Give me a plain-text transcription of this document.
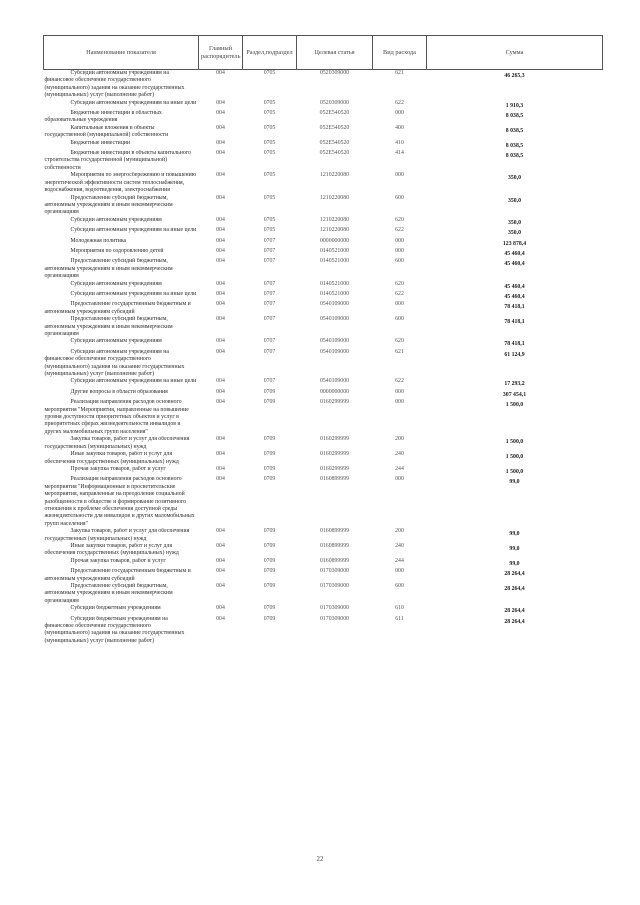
Наименование показателя	Главный распорядитель	Раздел,подраздел	Целевая статья	Вид расхода	Сумма
Субсидии автономным учреждениям на финансовое обеспечение государственного (муниципального) задания на оказание государственных (муниципальных) услуг (выполнение работ)	004	0705	0520309000	621	46 265,3
Субсидии автономным учреждениям на иные цели	004	0705	0520309000	622	1 910,3
Бюджетные инвестиции в областных образовательные учреждения	004	0705	052E540520	000	8 038,5
Капитальные вложения в объекты государственной (муниципальной) собственности	004	0705	052E540520	400	8 038,5
Бюджетные инвестиции	004	0705	052E540520	410	8 038,5
Бюджетные инвестиции в объекты капитального строительства государственной (муниципальной) собственности	004	0705	052E540520	414	8 038,5
Мероприятия по энергосбережению и повышению энергетической эффективности систем теплоснабжения, водоснабжения, водоотведения, электроснабжения	004	0705	1210220080	000	350,0
Предоставление субсидий бюджетным, автономным учреждениям и иным некоммерческим организациям	004	0705	1210220080	600	350,0
Субсидии автономным учреждениям	004	0705	1210220080	620	350,0
Субсидии автономным учреждениям на иные цели	004	0705	1210220080	622	350,0
Молодежная политика	004	0707	0000000000	000	123 878,4
Мероприятия по оздоровлению детей	004	0707	0140521000	000	45 460,4
Предоставление субсидий бюджетным, автономным учреждениям и иным некоммерческим организациям	004	0707	0140521000	600	45 460,4
Субсидии автономным учреждениям	004	0707	0140521000	620	45 460,4
Субсидии автономным учреждениям на иные цели	004	0707	0140521000	622	45 460,4
Предоставление государственным бюджетным и автономным учреждениям субсидий	004	0707	0540109000	000	78 418,1
Предоставление субсидий бюджетным, автономным учреждениям и иным некоммерческим организациям	004	0707	0540109000	600	78 418,1
Субсидии автономным учреждениям	004	0707	0540109000	620	78 418,1
Субсидии автономным учреждениям на финансовое обеспечение государственного (муниципального) задания на оказание государственных (муниципальных) услуг (выполнение работ)	004	0707	0540109000	621	61 124,9
Субсидии автономным учреждениям на иные цели	004	0707	0540109000	622	17 293,2
Другие вопросы в области образования	004	0709	0000000000	000	307 454,1
Реализация направления расходов основного мероприятия "Мероприятия, направленные на повышение уровня доступности приоритетных объектов и услуг в приоритетных сферах жизнедеятельности инвалидов и других маломобильных групп населения"	004	0709	0160299999	000	1 500,0
Закупка товаров, работ и услуг для обеспечения государственных (муниципальных) нужд	004	0709	0160299999	200	1 500,0
Иные закупки товаров, работ и услуг для обеспечения государственных (муниципальных) нужд	004	0709	0160299999	240	1 500,0
Прочая закупка товаров, работ и услуг	004	0709	0160299999	244	1 500,0
Реализация направления расходов основного мероприятия "Информационные и просветительские мероприятия, направленные на преодоление социальной разобщенности в обществе и формирование позитивного отношения к проблеме обеспечения доступной среды жизнедеятельности для инвалидов и других маломобильных групп населения"	004	0709	0160899999	000	99,0
Закупка товаров, работ и услуг для обеспечения государственных (муниципальных) нужд	004	0709	0160899999	200	99,0
Иные закупки товаров, работ и услуг для обеспечения государственных (муниципальных) нужд	004	0709	0160899999	240	99,0
Прочая закупка товаров, работ и услуг	004	0709	0160899999	244	99,0
Предоставление государственным бюджетным и автономным учреждениям субсидий	004	0709	0170309000	000	28 264,4
Предоставление субсидий бюджетным, автономным учреждениям и иным некоммерческим организациям	004	0709	0170309000	600	28 264,4
Субсидии бюджетным учреждениям	004	0709	0170309000	610	28 264,4
Субсидии бюджетным учреждениям на финансовое обеспечение государственного (муниципального) задания на оказание государственных (муниципальных) услуг (выполнение работ)	004	0709	0170309000	611	28 264,4
22
